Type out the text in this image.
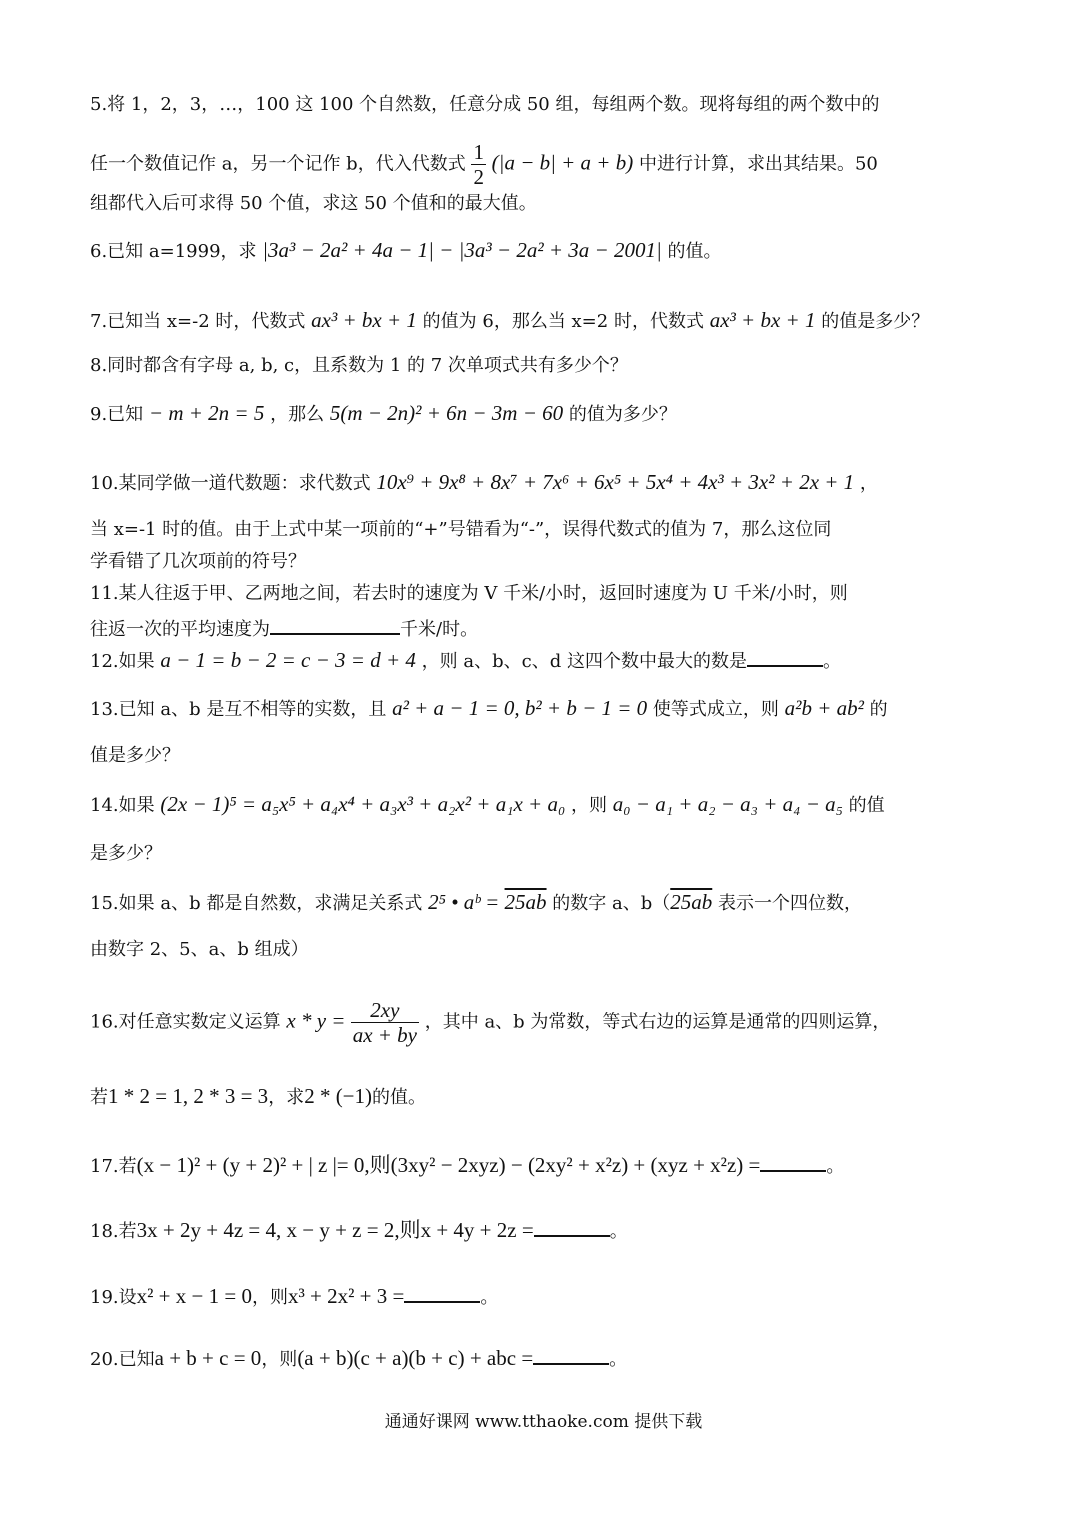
5.将 1，2，3，…，100 这 100 个自然数，任意分成 50 组，每组两个数。现将每组的两个数中的
任一个数值记作 a，另一个记作 b，代入代数式 $\frac{1}{2} (|a - b| + a + b)$ 中进行计算，求出其结果。50
组都代入后可求得 50 个值，求这 50 个值和的最大值。
6.已知 a=1999，求 |3a³ − 2a² + 4a − 1| − |3a³ − 2a² + 3a − 2001| 的值。
7.已知当 x=-2 时，代数式 ax³ + bx + 1 的值为 6，那么当 x=2 时，代数式 ax³ + bx + 1 的值是多少？
8.同时都含有字母 a, b, c，且系数为 1 的 7 次单项式共有多少个？
9.已知 − m + 2n = 5 ，那么 5(m − 2n)² + 6n − 3m − 60 的值为多少？
10.某同学做一道代数题：求代数式 10x⁹ + 9x⁸ + 8x⁷ + 7x⁶ + 6x⁵ + 5x⁴ + 4x³ + 3x² + 2x + 1 ，
当 x=-1 时的值。由于上式中某一项前的“+”号错看为“-”，误得代数式的值为 7，那么这位同
学看错了几次项前的符号？
11.某人往返于甲、乙两地之间，若去时的速度为 V 千米/小时，返回时速度为 U 千米/小时，则
往返一次的平均速度为	千米/时。
12.如果 a − 1 = b − 2 = c − 3 = d + 4 ，则 a、b、c、d 这四个数中最大的数是	。
13.已知 a、b 是互不相等的实数，且 a² + a − 1 = 0, b² + b − 1 = 0 使等式成立，则 a²b + ab² 的
值是多少？
14.如果 (2x − 1)⁵ = a₅x⁵ + a₄x⁴ + a₃x³ + a₂x² + a₁x + a₀ ，则 a₀ − a₁ + a₂ − a₃ + a₄ − a₅ 的值
是多少？
15.如果 a、b 都是自然数，求满足关系式 2⁵ • aᵇ = 25ab 的数字 a、b（25ab 表示一个四位数，
由数字 2、5、a、b 组成）
16.对任意实数定义运算 $x * y = \frac{2xy}{ax + by}$ ，其中 a、b 为常数，等式右边的运算是通常的四则运算，
若1 * 2 = 1, 2 * 3 = 3，求2 * (−1)的值。
17.若(x − 1)² + (y + 2)² + | z |= 0,则(3xy² − 2xyz) − (2xy² + x²z) + (xyz + x²z) =	。
18.若3x + 2y + 4z = 4, x − y + z = 2,则x + 4y + 2z =	。
19.设x² + x − 1 = 0，则x³ + 2x² + 3 =	。
20.已知a + b + c = 0，则(a + b)(c + a)(b + c) + abc =	。
通通好课网 www.tthaoke.com 提供下载
